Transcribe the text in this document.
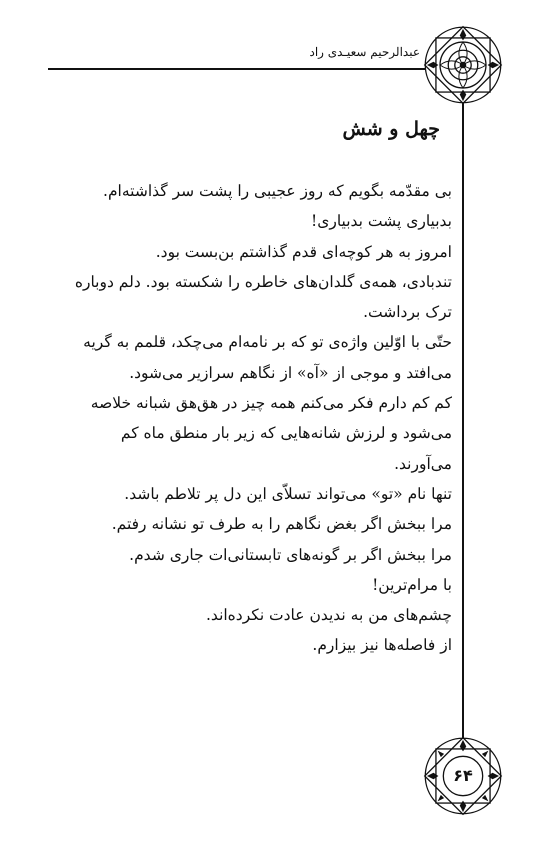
عبدالرحیم سعیـدی راد
چهل و شش
بی مقدّمه بگویم که روز عجیبی را پشت سر گذاشته‌ام.
بدبیاری پشت بدبیاری!
امروز به هر کوچه‌ای قدم گذاشتم بن‌بست بود.
تندبادی، همه‌ی گلدان‌های خاطره را شکسته بود. دلم دوباره
ترک برداشت.
حتّی با اوّلین واژه‌ی تو که بر نامه‌ام می‌چکد، قلمم به گریه
می‌افتد و موجی از «آه» از نگاهم سرازیر می‌شود.
کم کم دارم فکر می‌کنم همه چیز در هق‌هق شبانه خلاصه
می‌شود و لرزش شانه‌هایی که زیر بار منطق ماه کم
می‌آورند.
تنها نام «تو» می‌تواند تسلاّی این دل پر تلاطم باشد.
مرا ببخش اگر بغض نگاهم را به طرف تو نشانه رفتم.
مرا ببخش اگر بر گونه‌های تابستانی‌ات جاری شدم.
با مرام‌ترین!
چشم‌های من به ندیدن عادت نکرده‌اند.
از فاصله‌ها نیز بیزارم.
۶۴
